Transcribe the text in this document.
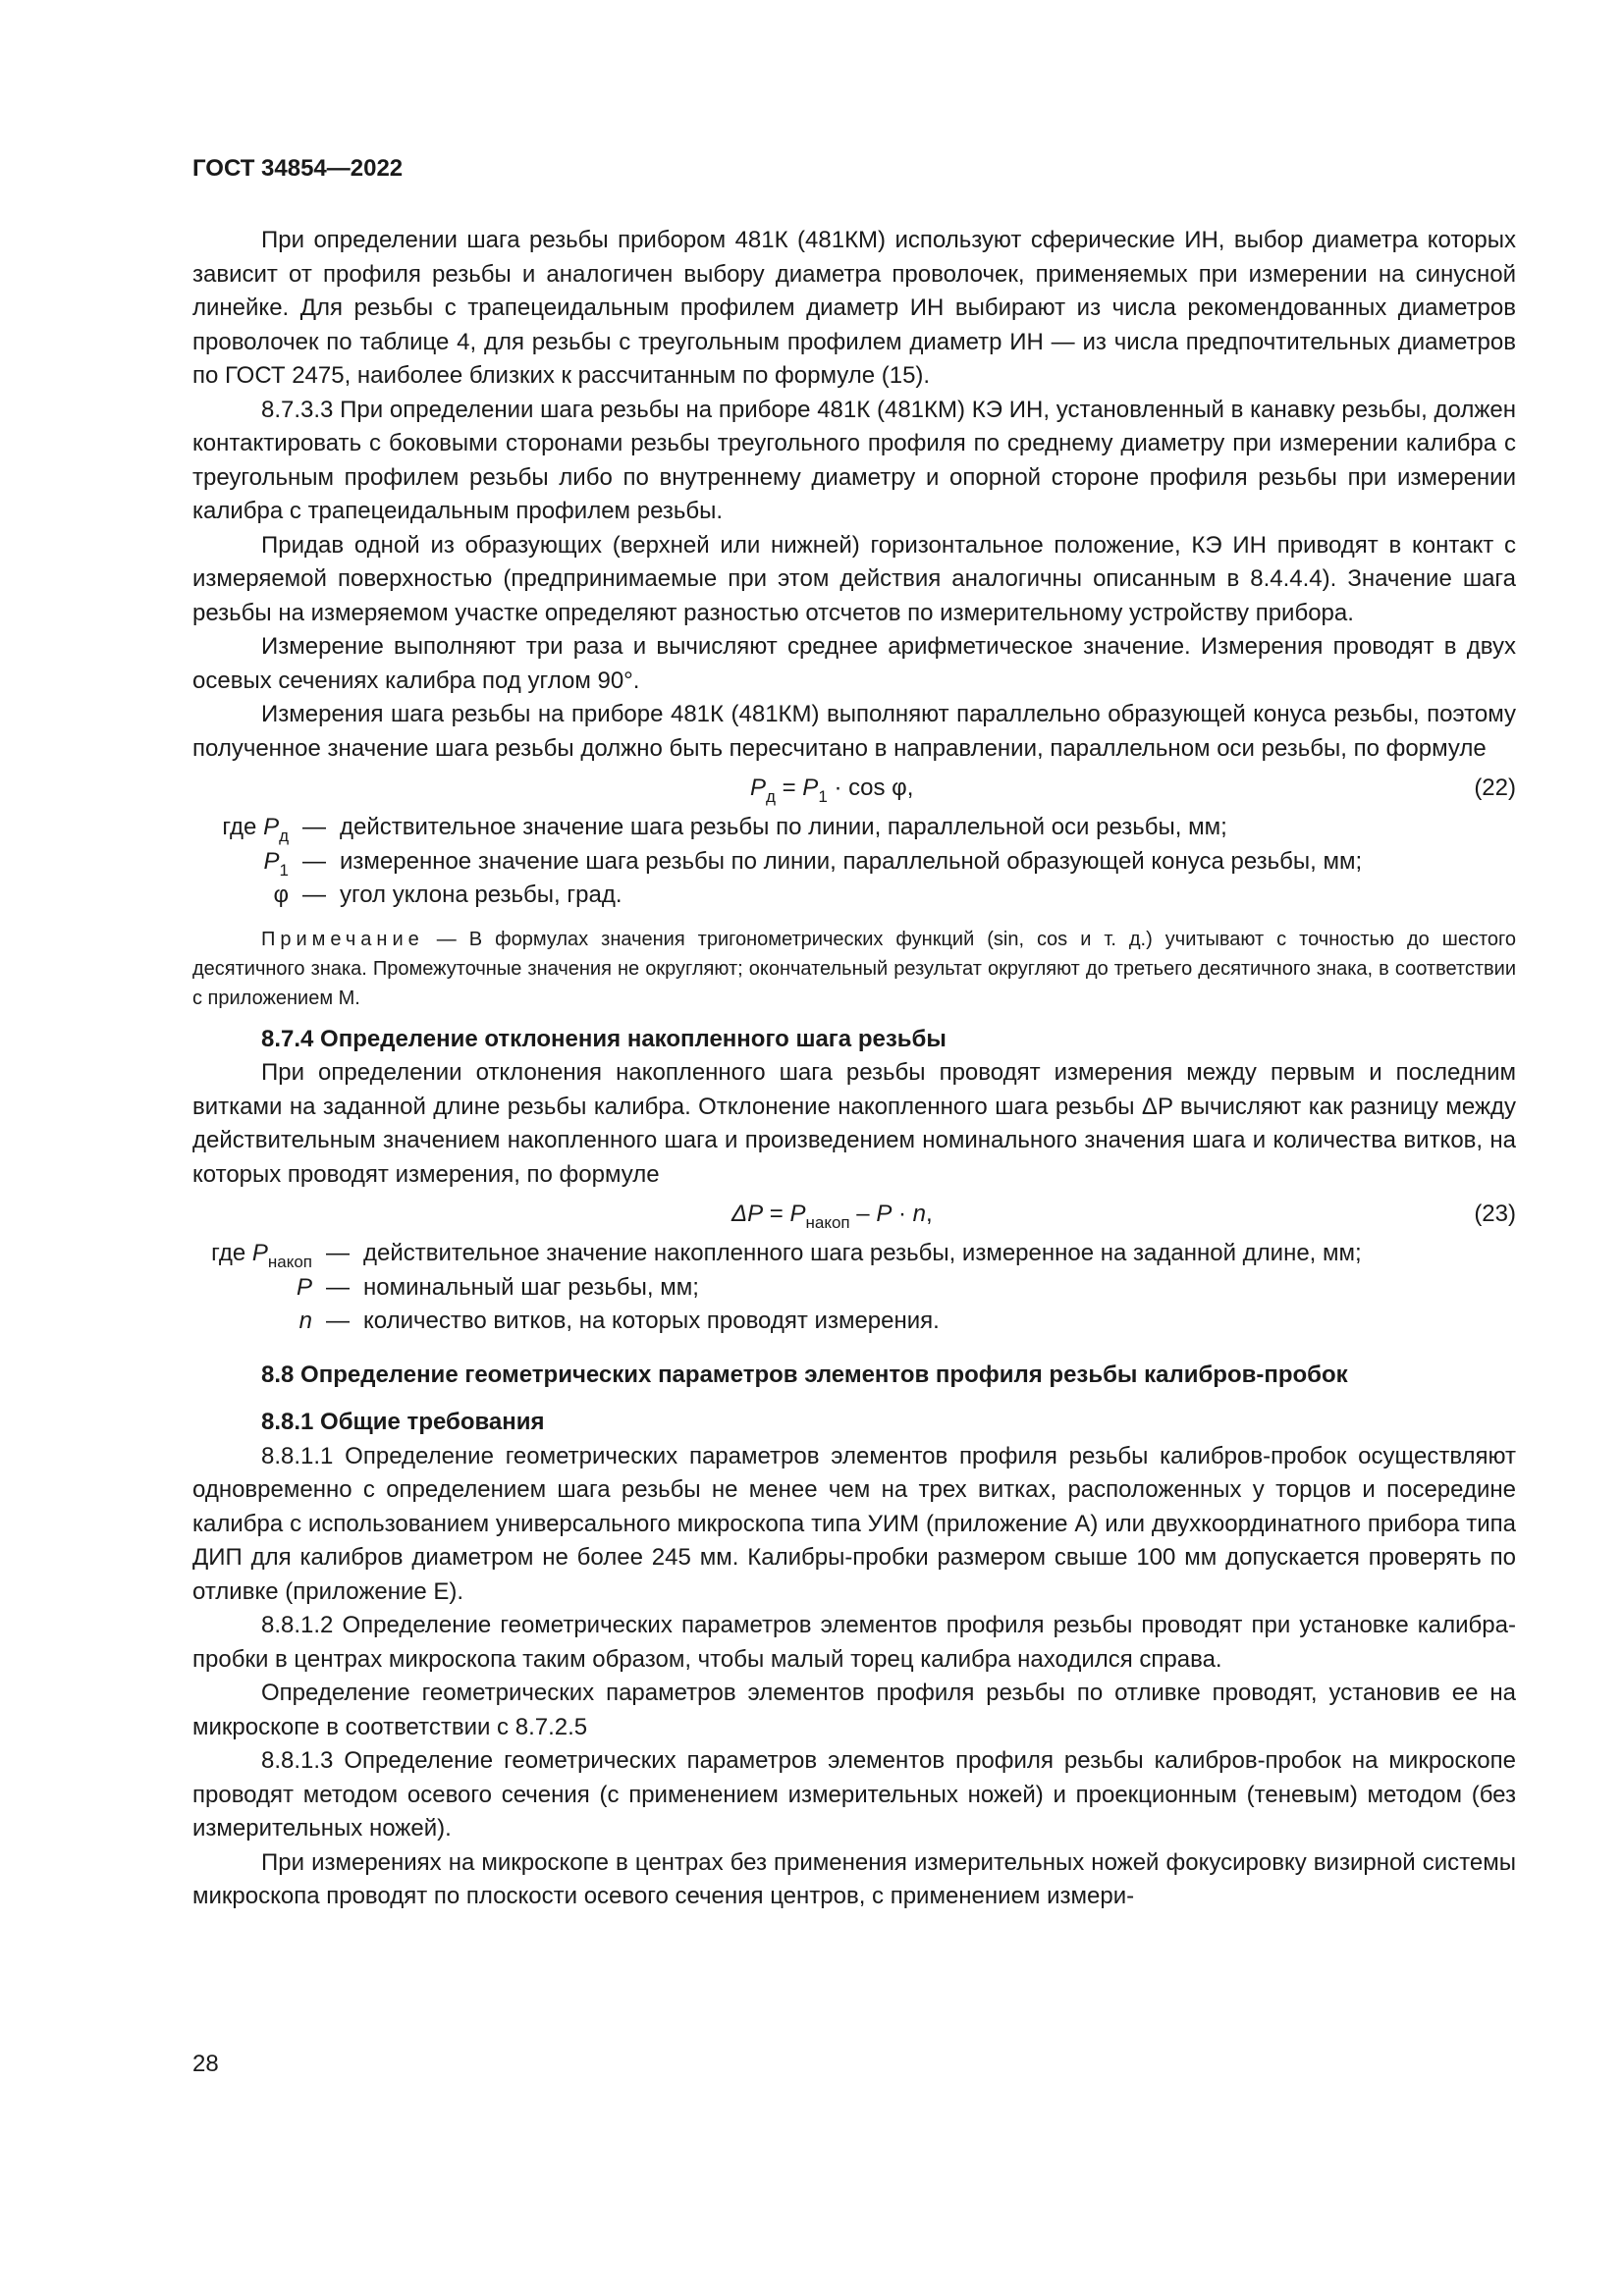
ГОСТ 34854—2022

При определении шага резьбы прибором 481К (481КМ) используют сферические ИН, выбор диаметра которых зависит от профиля резьбы и аналогичен выбору диаметра проволочек, применяемых при измерении на синусной линейке. Для резьбы с трапецеидальным профилем диаметр ИН выбирают из числа рекомендованных диаметров проволочек по таблице 4, для резьбы с треугольным профилем диаметр ИН — из числа предпочтительных диаметров по ГОСТ 2475, наиболее близких к рассчитанным по формуле (15).

8.7.3.3 При определении шага резьбы на приборе 481К (481КМ) КЭ ИН, установленный в канавку резьбы, должен контактировать с боковыми сторонами резьбы треугольного профиля по среднему диаметру при измерении калибра с треугольным профилем резьбы либо по внутреннему диаметру и опорной стороне профиля резьбы при измерении калибра с трапецеидальным профилем резьбы.

Придав одной из образующих (верхней или нижней) горизонтальное положение, КЭ ИН приводят в контакт с измеряемой поверхностью (предпринимаемые при этом действия аналогичны описанным в 8.4.4.4). Значение шага резьбы на измеряемом участке определяют разностью отсчетов по измерительному устройству прибора.

Измерение выполняют три раза и вычисляют среднее арифметическое значение. Измерения проводят в двух осевых сечениях калибра под углом 90°.

Измерения шага резьбы на приборе 481К (481КМ) выполняют параллельно образующей конуса резьбы, поэтому полученное значение шага резьбы должно быть пересчитано в направлении, параллельном оси резьбы, по формуле

$P_д = P_1 \cdot \cos \varphi$,	(22)
где $P_д$ — действительное значение шага резьбы по линии, параллельной оси резьбы, мм;
$P_1$ — измеренное значение шага резьбы по линии, параллельной образующей конуса резьбы, мм;
φ — угол уклона резьбы, град.

Примечание — В формулах значения тригонометрических функций (sin, cos и т. д.) учитывают с точностью до шестого десятичного знака. Промежуточные значения не округляют; окончательный результат округляют до третьего десятичного знака, в соответствии с приложением М.

8.7.4 Определение отклонения накопленного шага резьбы

При определении отклонения накопленного шага резьбы проводят измерения между первым и последним витками на заданной длине резьбы калибра. Отклонение накопленного шага резьбы ΔP вычисляют как разницу между действительным значением накопленного шага и произведением номинального значения шага и количества витков, на которых проводят измерения, по формуле

$\Delta P = P_{накоп} - P \cdot n$,	(23)
где $P_{накоп}$ — действительное значение накопленного шага резьбы, измеренное на заданной длине, мм;
P — номинальный шаг резьбы, мм;
n — количество витков, на которых проводят измерения.

8.8 Определение геометрических параметров элементов профиля резьбы калибров-пробок

8.8.1 Общие требования

8.8.1.1 Определение геометрических параметров элементов профиля резьбы калибров-пробок осуществляют одновременно с определением шага резьбы не менее чем на трех витках, расположенных у торцов и посередине калибра с использованием универсального микроскопа типа УИМ (приложение А) или двухкоординатного прибора типа ДИП для калибров диаметром не более 245 мм. Калибры-пробки размером свыше 100 мм допускается проверять по отливке (приложение Е).

8.8.1.2 Определение геометрических параметров элементов профиля резьбы проводят при установке калибра-пробки в центрах микроскопа таким образом, чтобы малый торец калибра находился справа.

Определение геометрических параметров элементов профиля резьбы по отливке проводят, установив ее на микроскопе в соответствии с 8.7.2.5

8.8.1.3 Определение геометрических параметров элементов профиля резьбы калибров-пробок на микроскопе проводят методом осевого сечения (с применением измерительных ножей) и проекционным (теневым) методом (без измерительных ножей).

При измерениях на микроскопе в центрах без применения измерительных ножей фокусировку визирной системы микроскопа проводят по плоскости осевого сечения центров, с применением измери-

28
